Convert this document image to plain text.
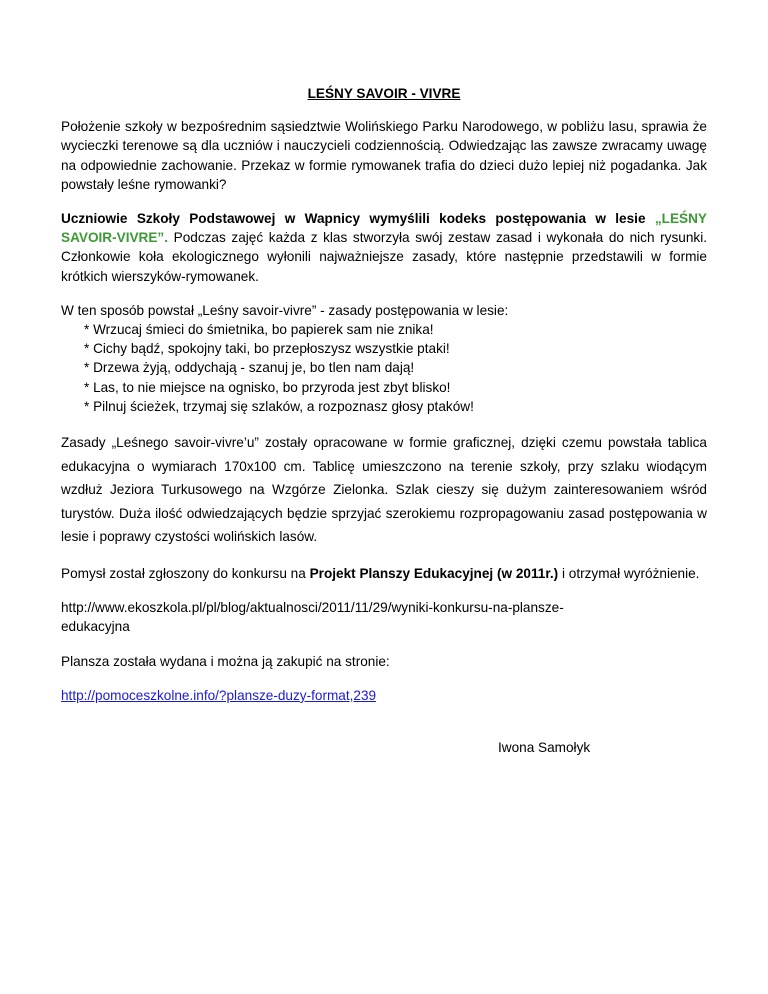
LEŚNY SAVOIR - VIVRE

Położenie szkoły w bezpośrednim sąsiedztwie Wolińskiego Parku Narodowego, w pobliżu lasu, sprawia że wycieczki terenowe są dla uczniów i nauczycieli codziennością. Odwiedzając las zawsze zwracamy uwagę na odpowiednie zachowanie. Przekaz w formie rymowanek trafia do dzieci dużo lepiej niż pogadanka. Jak powstały leśne rymowanki?

Uczniowie Szkoły Podstawowej w Wapnicy wymyślili kodeks postępowania w lesie „LEŚNY SAVOIR-VIVRE”. Podczas zajęć każda z klas stworzyła swój zestaw zasad i wykonała do nich rysunki. Członkowie koła ekologicznego wyłonili najważniejsze zasady, które następnie przedstawili w formie krótkich wierszyków-rymowanek.

W ten sposób powstał „Leśny savoir-vivre” - zasady postępowania w lesie:
* Wrzucaj śmieci do śmietnika, bo papierek sam nie znika!
* Cichy bądź, spokojny taki, bo przepłoszysz wszystkie ptaki!
* Drzewa żyją, oddychają - szanuj je, bo tlen nam dają!
* Las, to nie miejsce na ognisko, bo przyroda jest zbyt blisko!
* Pilnuj ścieżek, trzymaj się szlaków, a rozpoznasz głosy ptaków!

Zasady „Leśnego savoir-vivre’u” zostały opracowane w formie graficznej, dzięki czemu powstała tablica edukacyjna o wymiarach 170x100 cm. Tablicę umieszczono na terenie szkoły, przy szlaku wiodącym wzdłuż Jeziora Turkusowego na Wzgórze Zielonka. Szlak cieszy się dużym zainteresowaniem wśród turystów. Duża ilość odwiedzających będzie sprzyjać szerokiemu rozpropagowaniu zasad postępowania w lesie i poprawy czystości wolińskich lasów.

Pomysł został zgłoszony do konkursu na Projekt Planszy Edukacyjnej (w 2011r.) i otrzymał wyróżnienie.

http://www.ekoszkola.pl/pl/blog/aktualnosci/2011/11/29/wyniki-konkursu-na-plansze-
edukacyjna

Plansza została wydana i można ją zakupić na stronie:

http://pomoceszkolne.info/?plansze-duzy-format,239

Iwona Samołyk
